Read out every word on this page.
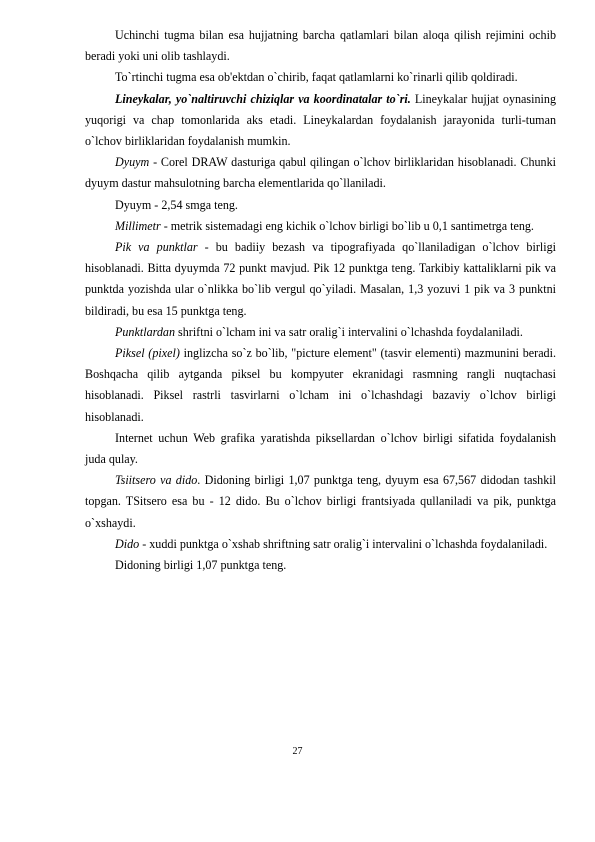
Uchinchi tugma bilan esa hujjatning barcha qatlamlari bilan aloqa qilish rejimini ochib beradi yoki uni olib tashlaydi.

To`rtinchi tugma esa ob'ektdan o`chirib, faqat qatlamlarni ko`rinarli qilib qoldiradi.

Lineykalar, yo`naltiruvchi chiziqlar va koordinatalar to`ri. Lineykalar hujjat oynasining yuqorigi va chap tomonlarida aks etadi. Lineykalardan foydalanish jarayonida turli-tuman o`lchov birliklaridan foydalanish mumkin.

Dyuym - Corel DRAW dasturiga qabul qilingan o`lchov birliklaridan hisoblanadi. Chunki dyuym dastur mahsulotning barcha elementlarida qo`llaniladi.

Dyuym - 2,54 smga teng.

Millimetr - metrik sistemadagi eng kichik o`lchov birligi bo`lib u 0,1 santimetrga teng.

Pik va punktlar - bu badiiy bezash va tipografiyada qo`llaniladigan o`lchov birligi hisoblanadi. Bitta dyuymda 72 punkt mavjud. Pik 12 punktga teng. Tarkibiy kattaliklarni pik va punktda yozishda ular o`nlikka bo`lib vergul qo`yiladi. Masalan, 1,3 yozuvi 1 pik va 3 punktni bildiradi, bu esa 15 punktga teng.

Punktlardan shriftni o`lcham ini va satr oralig`i intervalini o`lchashda foydalaniladi.

Piksel (pixel) inglizcha so`z bo`lib, "picture element" (tasvir elementi) mazmunini beradi. Boshqacha qilib aytganda piksel bu kompyuter ekranidagi rasmning rangli nuqtachasi hisoblanadi. Piksel rastrli tasvirlarni o`lcham ini o`lchashdagi bazaviy o`lchov birligi hisoblanadi.

Internet uchun Web grafika yaratishda piksellardan o`lchov birligi sifatida foydalanish juda qulay.

Tsiitsero va dido. Didoning birligi 1,07 punktga teng, dyuym esa 67,567 didodan tashkil topgan. TSitsero esa bu - 12 dido. Bu o`lchov birligi frantsiyada qullaniladi va pik, punktga o`xshaydi.

Dido - xuddi punktga o`xshab shriftning satr oralig`i intervalini o`lchashda foydalaniladi.

Didoning birligi 1,07 punktga teng.

27
